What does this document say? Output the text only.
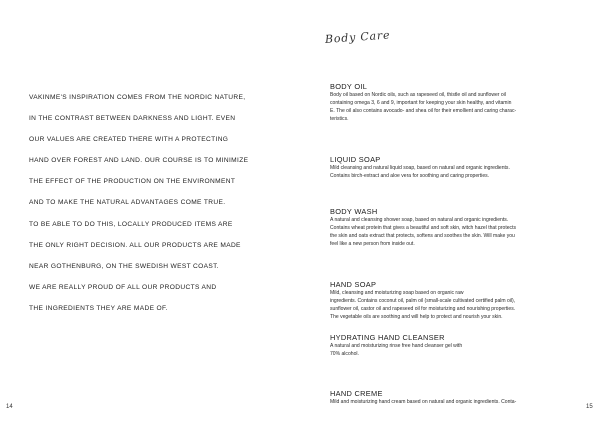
VAKINME'S INSPIRATION COMES FROM THE NORDIC NATURE,
IN THE CONTRAST BETWEEN DARKNESS AND LIGHT. EVEN
OUR VALUES ARE CREATED THERE WITH A PROTECTING
HAND OVER FOREST AND LAND. OUR COURSE IS TO MINIMIZE
THE EFFECT OF THE PRODUCTION ON THE ENVIRONMENT
AND TO MAKE THE NATURAL ADVANTAGES COME TRUE.
TO BE ABLE TO DO THIS, LOCALLY PRODUCED ITEMS ARE
THE ONLY RIGHT DECISION. ALL OUR PRODUCTS ARE MADE
NEAR GOTHENBURG, ON THE SWEDISH WEST COAST.
WE ARE REALLY PROUD OF ALL OUR PRODUCTS AND
THE INGREDIENTS THEY ARE MADE OF.
14
Body Care
BODY OIL
Body oil based on Nordic oils, such as rapeseed oil, thistle oil and sunflower oil
containing omega 3, 6 and 9, important for keeping your skin healthy, and vitamin
E. The oil also contains avocado- and shea oil for their emollient and caring charac-
teristics.
LIQUID SOAP
Mild cleansing and natural liquid soap, based on natural and organic ingredients.
Contains birch-extract and aloe vera for soothing and caring properties.
BODY WASH
A natural and cleansing shower soap, based on natural and organic ingredients.
Contains wheat protein that gives a beautiful and soft skin, witch hazel that protects
the skin and oats extract that protects, softens and soothes the skin. Will make you
feel like a new person from inside out.
HAND SOAP
Mild, cleansing and moisturizing soap based on organic raw
ingredients. Contains coconut oil, palm oil (small-scale cultivated certified palm oil),
sunflower oil, castor oil and rapeseed oil for moisturizing and nourishing properties.
The vegetable oils are soothing and will help to protect and nourish your skin.
HYDRATING HAND CLEANSER
A natural and moisturizing rinse free hand cleanser gel with
70% alcohol.
HAND CREME
Mild and moisturizing hand cream based on natural and organic ingredients. Conta-
15
